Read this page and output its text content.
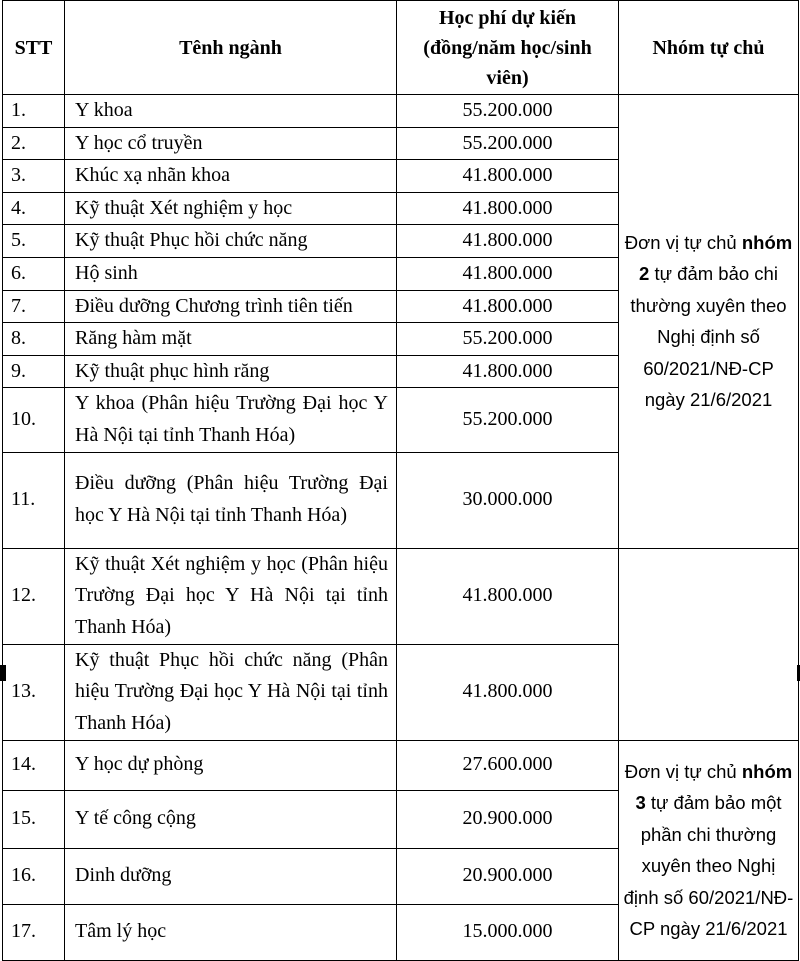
STT	Tênh ngành	Học phí dự kiến (đồng/năm học/sinh viên)	Nhóm tự chủ
1.	Y khoa	55.200.000	Đơn vị tự chủ nhóm 2 tự đảm bảo chi thường xuyên theo Nghị định số 60/2021/NĐ-CP ngày 21/6/2021
2.	Y học cổ truyền	55.200.000	
3.	Khúc xạ nhãn khoa	41.800.000	
4.	Kỹ thuật Xét nghiệm y học	41.800.000	
5.	Kỹ thuật Phục hồi chức năng	41.800.000	
6.	Hộ sinh	41.800.000	
7.	Điều dưỡng Chương trình tiên tiến	41.800.000	
8.	Răng hàm mặt	55.200.000	
9.	Kỹ thuật phục hình răng	41.800.000	
10.	Y khoa (Phân hiệu Trường Đại học Y Hà Nội tại tỉnh Thanh Hóa)	55.200.000	
11.	Điều dưỡng (Phân hiệu Trường Đại học Y Hà Nội tại tỉnh Thanh Hóa)	30.000.000	
12.	Kỹ thuật Xét nghiệm y học (Phân hiệu Trường Đại học Y Hà Nội tại tỉnh Thanh Hóa)	41.800.000	
13.	Kỹ thuật Phục hồi chức năng (Phân hiệu Trường Đại học Y Hà Nội tại tỉnh Thanh Hóa)	41.800.000	
14.	Y học dự phòng	27.600.000	Đơn vị tự chủ nhóm 3 tự đảm bảo một phần chi thường xuyên theo Nghị định số 60/2021/NĐ-CP ngày 21/6/2021
15.	Y tế công cộng	20.900.000	
16.	Dinh dưỡng	20.900.000	
17.	Tâm lý học	15.000.000	
